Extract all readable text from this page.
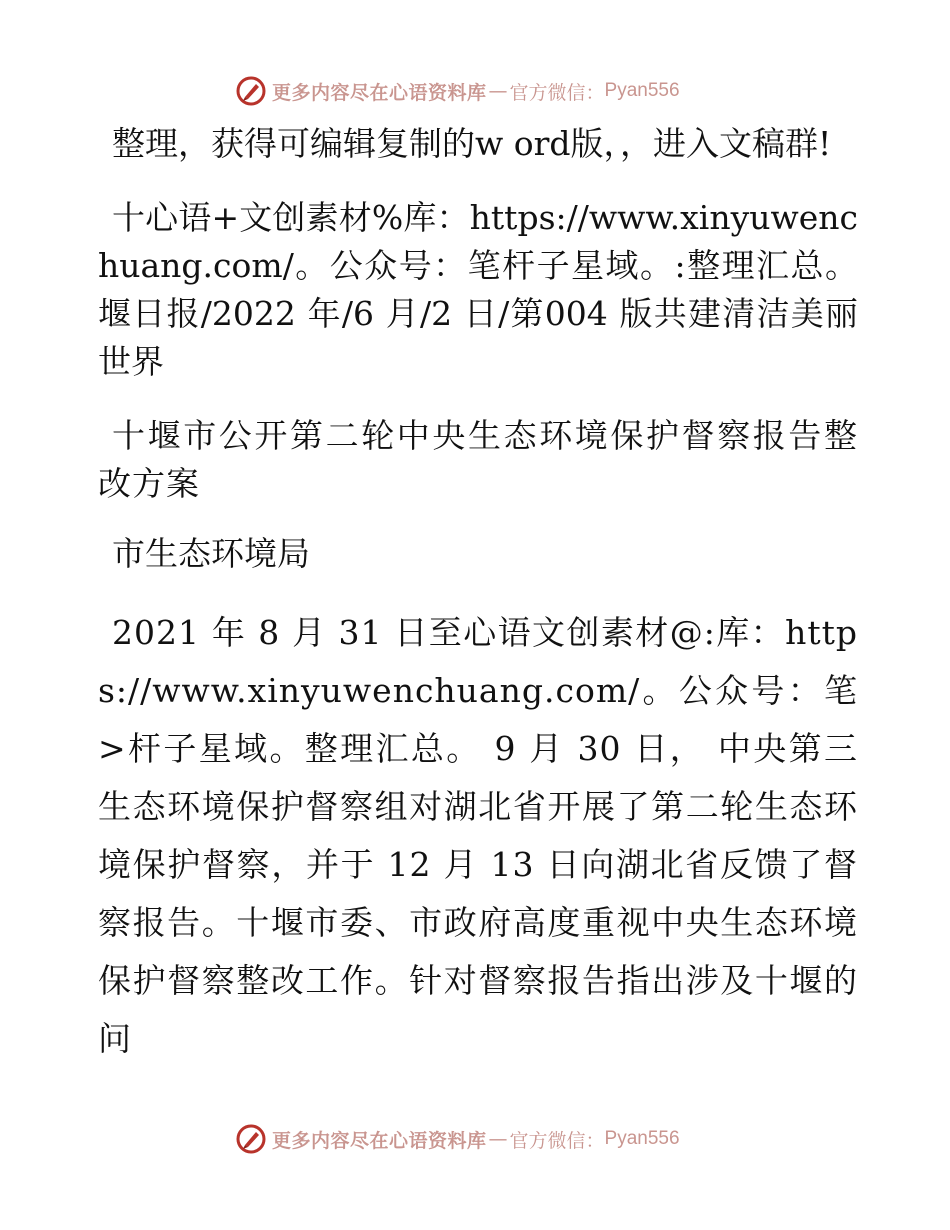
更多内容尽在心语资料库 — 官方微信： Pyan556

整理，获得可编辑复制的w ord版，，进入文稿群!

十心语+文创素材%库：https://www.xinyuwenchuang.com/。公众号：笔杆子星域。:整理汇总。堰日报/2022 年/6 月/2 日/第004 版共建清洁美丽世界

十堰市公开第二轮中央生态环境保护督察报告整改方案

市生态环境局

2021 年 8 月 31 日至心语文创素材@:库：https://www.xinyuwenchuang.com/。公众号：笔>杆子星域。整理汇总。 9 月 30 日， 中央第三生态环境保护督察组对湖北省开展了第二轮生态环境保护督察，并于 12 月 13 日向湖北省反馈了督察报告。十堰市委、市政府高度重视中央生态环境保护督察整改工作。针对督察报告指出涉及十堰的问

更多内容尽在心语资料库 — 官方微信： Pyan556
